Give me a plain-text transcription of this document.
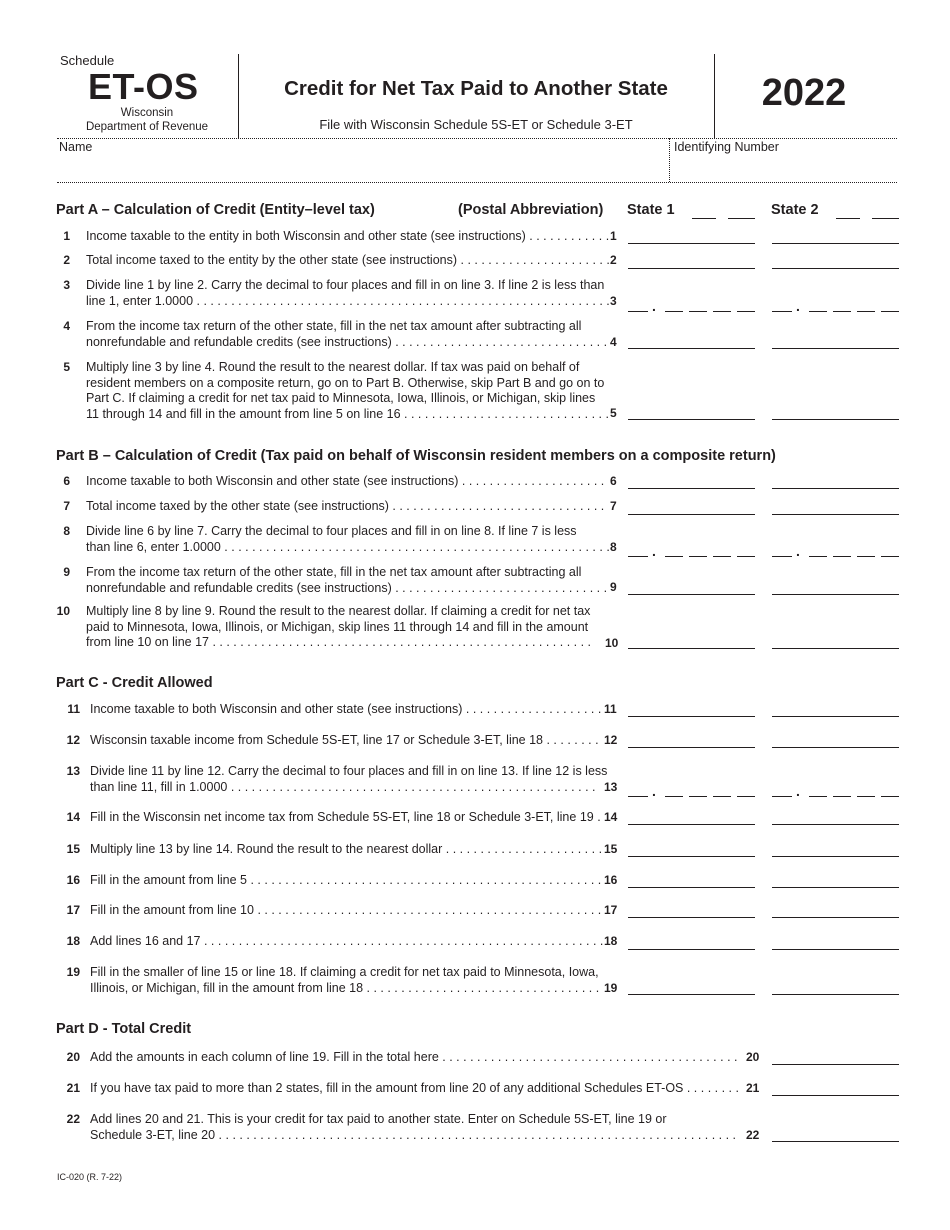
Schedule
ET-OS
Wisconsin
Department of Revenue
Credit for Net Tax Paid to Another State
File with Wisconsin Schedule 5S-ET or Schedule 3-ET
2022
Name	Identifying Number
Part A – Calculation of Credit (Entity–level tax)	(Postal Abbreviation) State 1	State 2
1 Income taxable to the entity in both Wisconsin and other state (see instructions) . . . . . . . . . . . . 1
2 Total income taxed to the entity by the other state (see instructions) . . . . . . . . . . . . . . . . . . . . . . 2
3 Divide line 1 by line 2. Carry the decimal to four places and fill in on line 3. If line 2 is less than
line 1, enter 1.0000 . . . . . . . . . . . . . . . . . . . . . . . . . . . . . . . . . . . . . . . . . . . . . . . . . . . . . . . . . . . . 3	.	.
4 From the income tax return of the other state, fill in the net tax amount after subtracting all
nonrefundable and refundable credits (see instructions) . . . . . . . . . . . . . . . . . . . . . . . . . . . . . . . 4
5 Multiply line 3 by line 4. Round the result to the nearest dollar. If tax was paid on behalf of
resident members on a composite return, go on to Part B. Otherwise, skip Part B and go on to
Part C. If claiming a credit for net tax paid to Minnesota, Iowa, Illinois, or Michigan, skip lines
11 through 14 and fill in the amount from line 5 on line 16 . . . . . . . . . . . . . . . . . . . . . . . . . . . . . . 5
Part B – Calculation of Credit (Tax paid on behalf of Wisconsin resident members on a composite return)
6 Income taxable to both Wisconsin and other state (see instructions) . . . . . . . . . . . . . . . . . . . . . 6
7 Total income taxed by the other state (see instructions) . . . . . . . . . . . . . . . . . . . . . . . . . . . . . . . 7
8 Divide line 6 by line 7. Carry the decimal to four places and fill in on line 8. If line 7 is less
than line 6, enter 1.0000 . . . . . . . . . . . . . . . . . . . . . . . . . . . . . . . . . . . . . . . . . . . . . . . . . . . . . . . . 8	.	.
9 From the income tax return of the other state, fill in the net tax amount after subtracting all
nonrefundable and refundable credits (see instructions) . . . . . . . . . . . . . . . . . . . . . . . . . . . . . . . 9
10 Multiply line 8 by line 9. Round the result to the nearest dollar. If claiming a credit for net tax
paid to Minnesota, Iowa, Illinois, or Michigan, skip lines 11 through 14 and fill in the amount
from line 10 on line 17 . . . . . . . . . . . . . . . . . . . . . . . . . . . . . . . . . . . . . . . . . . . . . . . . . . . . . . . 10
Part C - Credit Allowed
11 Income taxable to both Wisconsin and other state (see instructions) . . . . . . . . . . . . . . . . . . . . 11
12 Wisconsin taxable income from Schedule 5S-ET, line 17 or Schedule 3-ET, line 18 . . . . . . . . 12
13 Divide line 11 by line 12. Carry the decimal to four places and fill in on line 13. If line 12 is less
than line 11, fill in 1.0000 . . . . . . . . . . . . . . . . . . . . . . . . . . . . . . . . . . . . . . . . . . . . . . . . . . . . . 13 .	.
14 Fill in the Wisconsin net income tax from Schedule 5S-ET, line 18 or Schedule 3-ET, line 19 . 14
15 Multiply line 13 by line 14. Round the result to the nearest dollar . . . . . . . . . . . . . . . . . . . . . . . 15
16 Fill in the amount from line 5 . . . . . . . . . . . . . . . . . . . . . . . . . . . . . . . . . . . . . . . . . . . . . . . . . . . 16
17 Fill in the amount from line 10 . . . . . . . . . . . . . . . . . . . . . . . . . . . . . . . . . . . . . . . . . . . . . . . . . . 17
18 Add lines 16 and 17 . . . . . . . . . . . . . . . . . . . . . . . . . . . . . . . . . . . . . . . . . . . . . . . . . . . . . . . . . . 18
19 Fill in the smaller of line 15 or line 18. If claiming a credit for net tax paid to Minnesota, Iowa,
Illinois, or Michigan, fill in the amount from line 18 . . . . . . . . . . . . . . . . . . . . . . . . . . . . . . . . . . 19
Part D - Total Credit
20 Add the amounts in each column of line 19. Fill in the total here . . . . . . . . . . . . . . . . . . . . . . . . . . . . . . . . . . . . . . . . . . . 20
21 If you have tax paid to more than 2 states, fill in the amount from line 20 of any additional Schedules ET-OS . . . . . . . . 21
22 Add lines 20 and 21. This is your credit for tax paid to another state. Enter on Schedule 5S-ET, line 19 or
Schedule 3-ET, line 20 . . . . . . . . . . . . . . . . . . . . . . . . . . . . . . . . . . . . . . . . . . . . . . . . . . . . . . . . . . . . . . . . . . . . . . . . . . . 22
IC-020 (R. 7-22)
